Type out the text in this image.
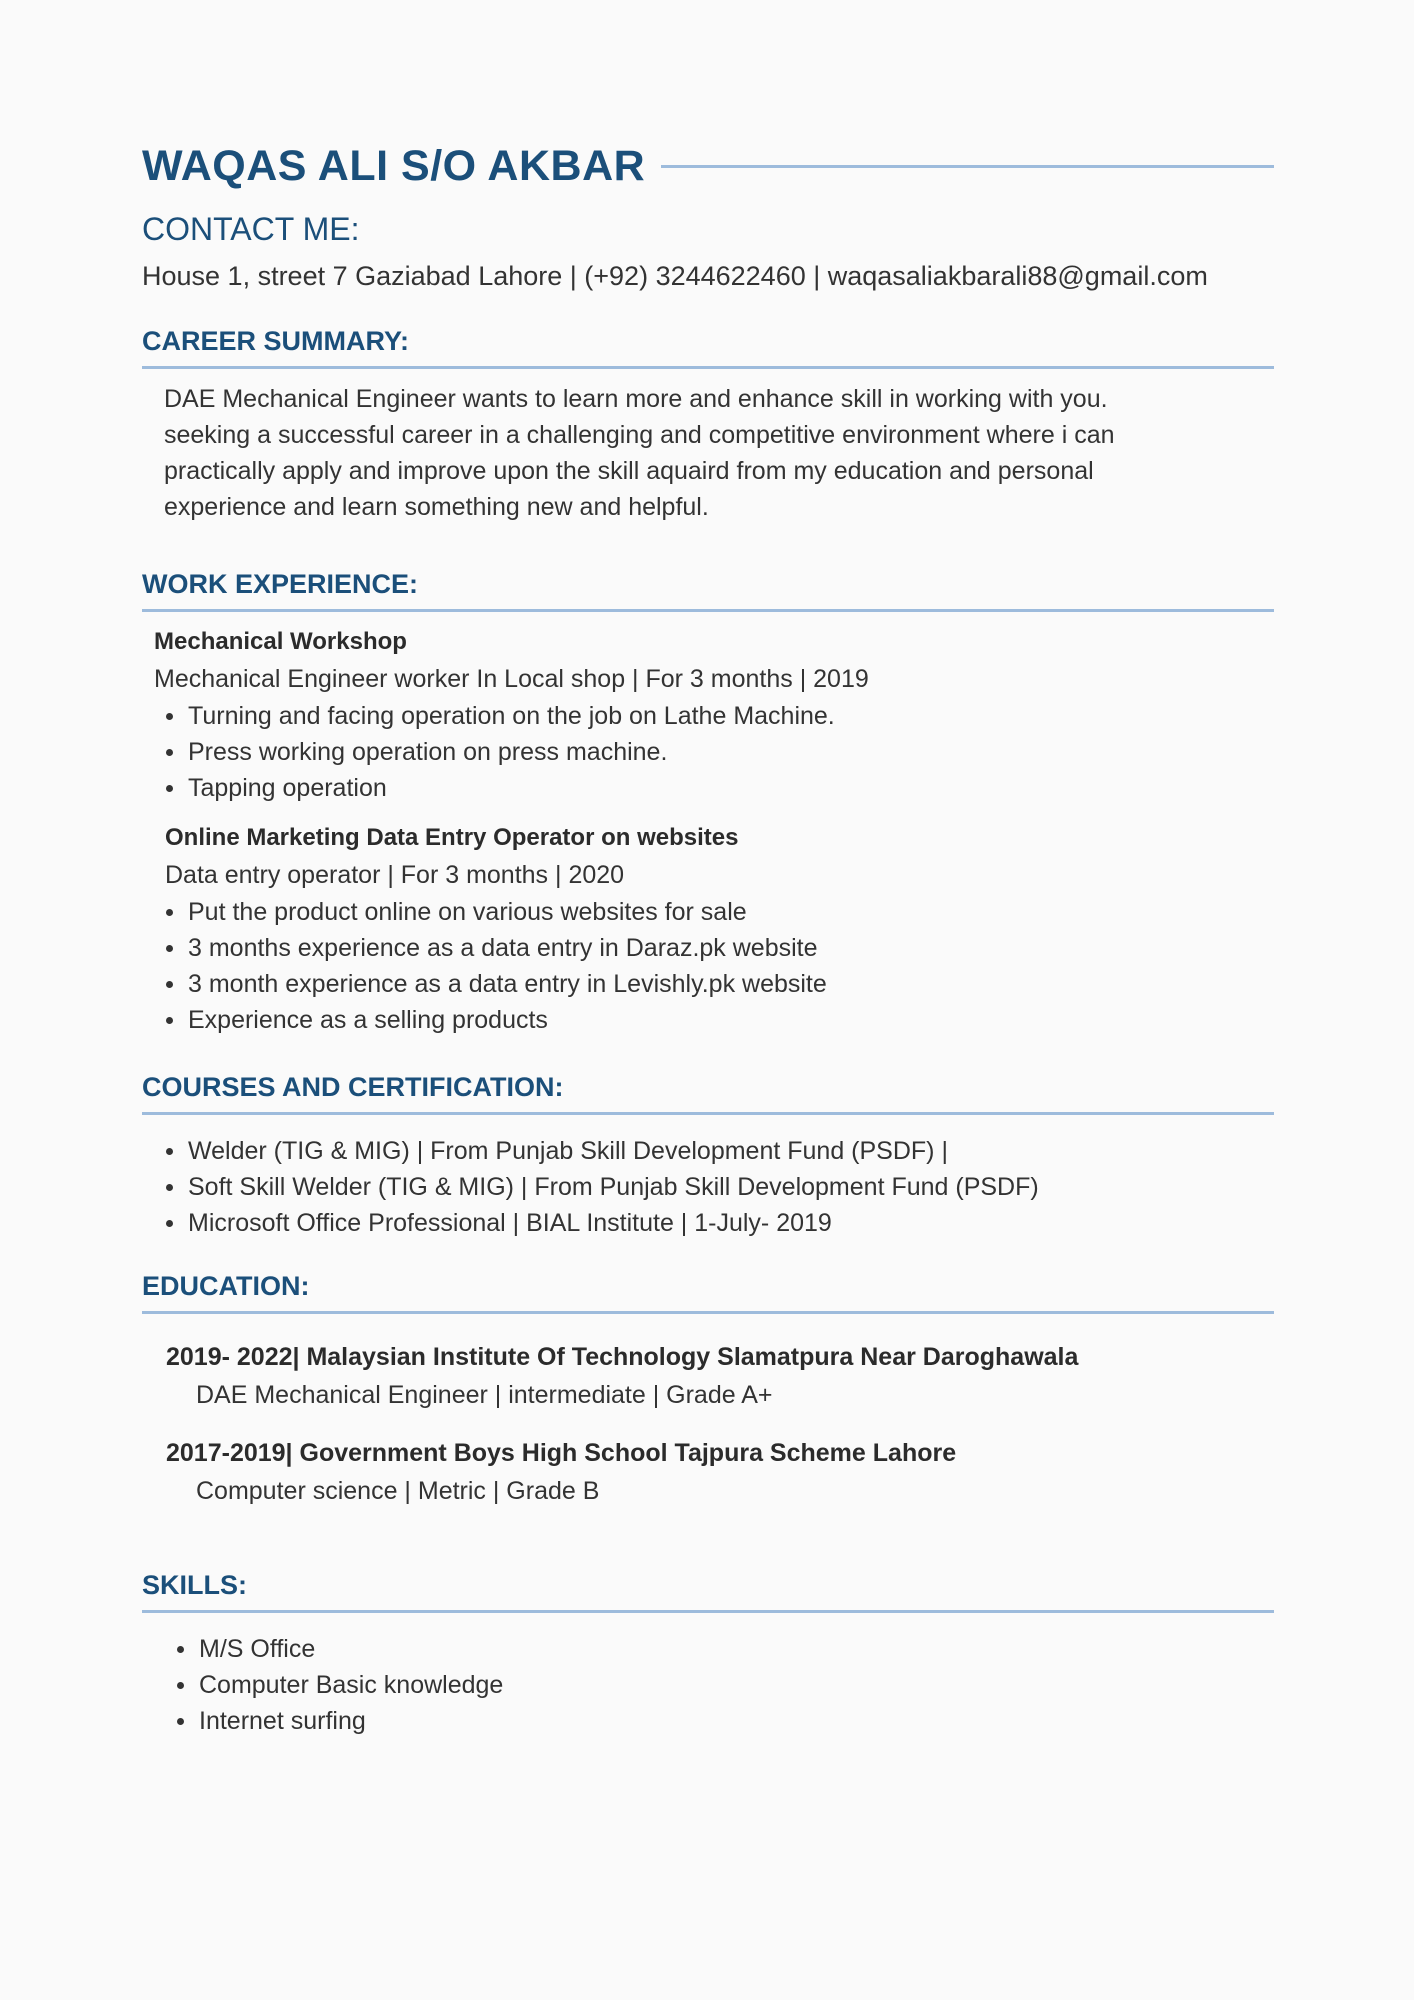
WAQAS ALI S/O AKBAR
CONTACT ME:
House 1, street 7 Gaziabad Lahore | (+92) 3244622460 | waqasaliakbarali88@gmail.com
CAREER SUMMARY:
DAE Mechanical Engineer wants to learn more and enhance skill in working with you.
seeking a successful career in a challenging and competitive environment where i can
practically apply and improve upon the skill aquaird from my education and personal
experience and learn something new and helpful.
WORK EXPERIENCE:
Mechanical Workshop
Mechanical Engineer worker In Local shop | For 3 months | 2019
Turning and facing operation on the job on Lathe Machine.
Press working operation on press machine.
Tapping operation
Online Marketing Data Entry Operator on websites
Data entry operator | For 3 months | 2020
Put the product online on various websites for sale
3 months experience as a data entry in Daraz.pk website
3 month experience as a data entry in Levishly.pk website
Experience as a selling products
COURSES AND CERTIFICATION:
Welder (TIG & MIG) | From Punjab Skill Development Fund (PSDF) |
Soft Skill Welder (TIG & MIG) | From Punjab Skill Development Fund (PSDF)
Microsoft Office Professional | BIAL Institute | 1-July- 2019
EDUCATION:
2019- 2022| Malaysian Institute Of Technology Slamatpura Near Daroghawala
DAE Mechanical Engineer | intermediate | Grade A+
2017-2019| Government Boys High School Tajpura Scheme Lahore
Computer science | Metric | Grade B
SKILLS:
M/S Office
Computer Basic knowledge
Internet surfing
